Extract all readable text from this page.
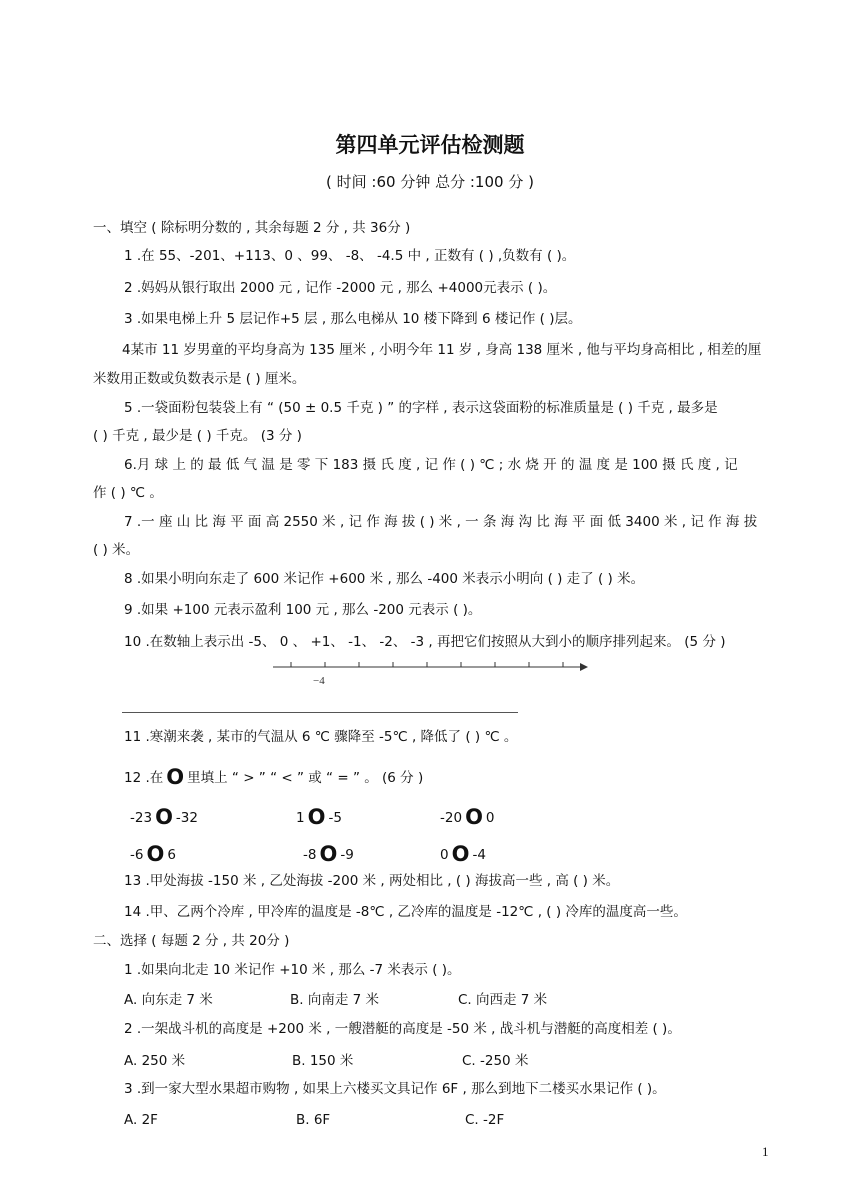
第四单元评估检测题
( 时间 :60 分钟 总分 :100 分 )
一、填空 ( 除标明分数的 , 其余每题 2 分 , 共 36分 )
1 .在 55、-201、+113、0 、99、 -8、 -4.5 中 , 正数有 ( ) ,负数有 ( )。
2 .妈妈从银行取出 2000 元 , 记作 -2000 元 , 那么 +4000元表示 ( )。
3 .如果电梯上升 5 层记作+5 层 , 那么电梯从 10 楼下降到 6 楼记作 ( )层。
4某市 11 岁男童的平均身高为 135 厘米 , 小明今年 11 岁 , 身高 138 厘米 , 他与平均身高相比 , 相差的厘
米数用正数或负数表示是 ( ) 厘米。
5 .一袋面粉包装袋上有 “ (50 ± 0.5 千克 ) ” 的字样 , 表示这袋面粉的标准质量是 ( ) 千克 , 最多是
( ) 千克 , 最少是 ( ) 千克。 (3 分 )
6.月 球 上 的 最 低 气 温 是 零 下 183 摄 氏 度 , 记 作 ( ) ℃ ; 水 烧 开 的 温 度 是 100 摄 氏 度 , 记
作 ( ) ℃ 。
7 .一 座 山 比 海 平 面 高 2550 米 , 记 作 海 拔 ( ) 米 , 一 条 海 沟 比 海 平 面 低 3400 米 , 记 作 海 拔
( ) 米。
8 .如果小明向东走了 600 米记作 +600 米 , 那么 -400 米表示小明向 ( ) 走了 ( ) 米。
9 .如果 +100 元表示盈利 100 元 , 那么 -200 元表示 ( )。
10 .在数轴上表示出 -5、 0 、 +1、 -1、 -2、 -3 , 再把它们按照从大到小的顺序排列起来。 (5 分 )
−4
11 .寒潮来袭 , 某市的气温从 6 ℃ 骤降至 -5℃ , 降低了 ( ) ℃ 。
12 .在 O 里填上 “ > ” “ < ” 或 “ = ” 。 (6 分 )
-23 O -32	1 O -5	-20 O 0
-6 O 6	-8 O -9	0 O -4
13 .甲处海拔 -150 米 , 乙处海拔 -200 米 , 两处相比 , ( ) 海拔高一些 , 高 ( ) 米。
14 .甲、乙两个冷库 , 甲冷库的温度是 -8℃ , 乙冷库的温度是 -12℃ , ( ) 冷库的温度高一些。
二、选择 ( 每题 2 分 , 共 20分 )
1 .如果向北走 10 米记作 +10 米 , 那么 -7 米表示 ( )。
A. 向东走 7 米	B. 向南走 7 米	C. 向西走 7 米
2 .一架战斗机的高度是 +200 米 , 一艘潜艇的高度是 -50 米 , 战斗机与潜艇的高度相差 ( )。
A. 250 米	B. 150 米	C. -250 米
3 .到一家大型水果超市购物 , 如果上六楼买文具记作 6F , 那么到地下二楼买水果记作 ( )。
A. 2F	B. 6F	C. -2F
1
